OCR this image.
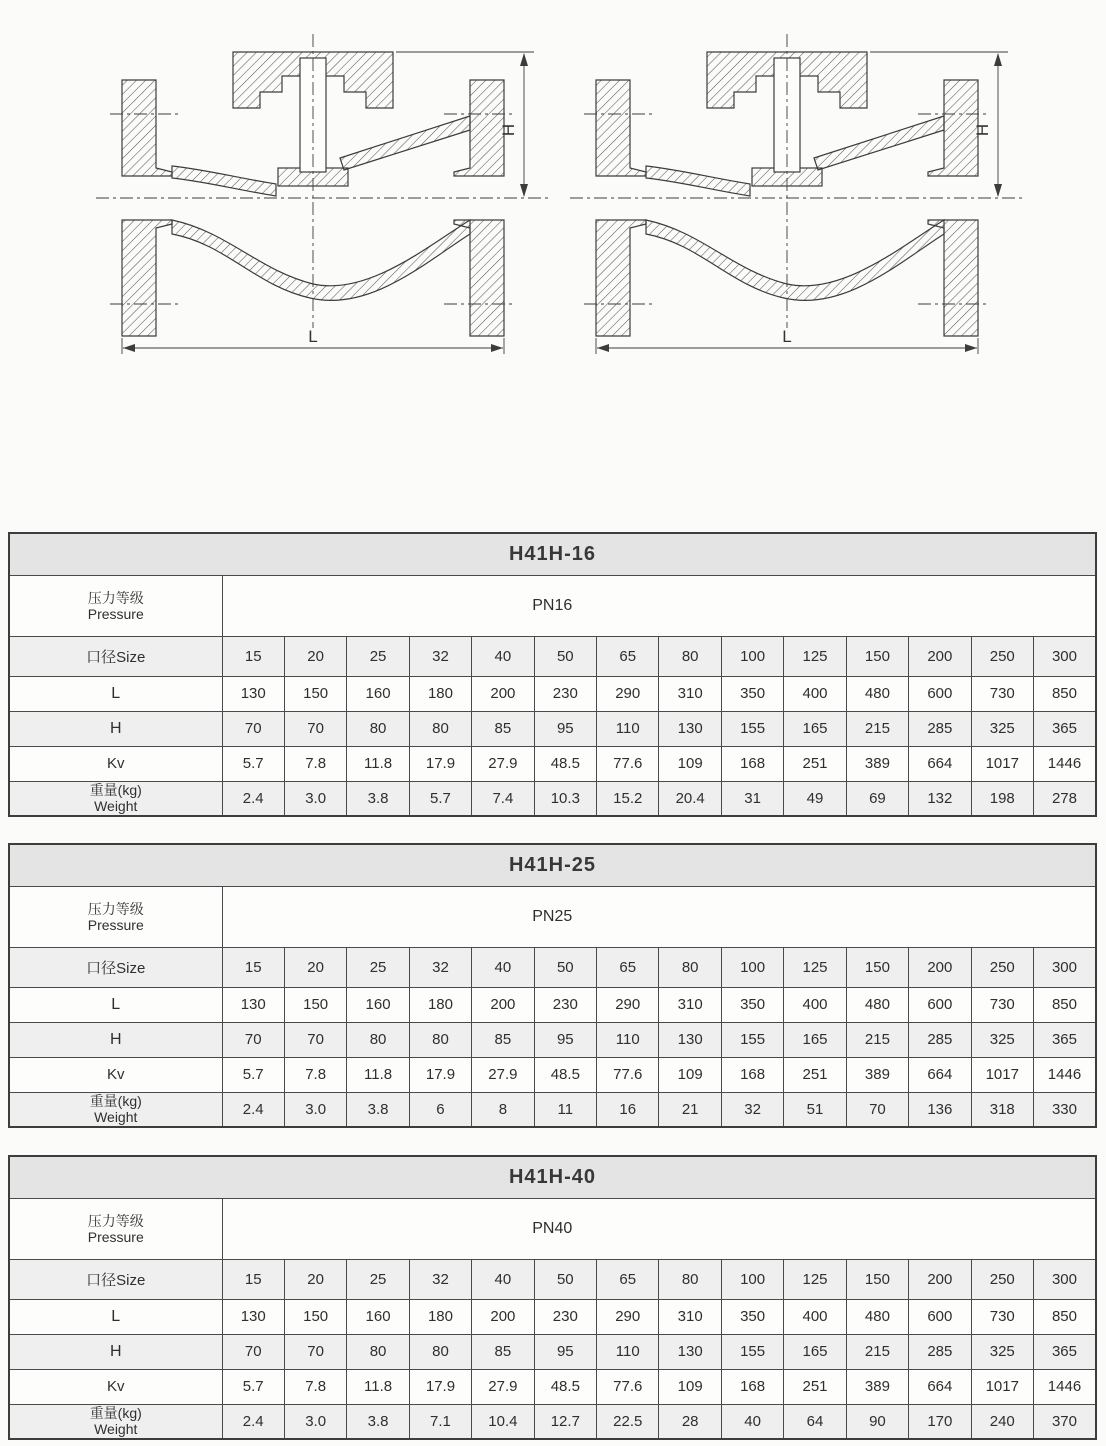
H41H-16														

压力等级
Pressure	PN16													
口径Size	15	20	25	32	40	50	65	80	100	125	150	200	250	300
L	130	150	160	180	200	230	290	310	350	400	480	600	730	850
H	70	70	80	80	85	95	110	130	155	165	215	285	325	365
Kv	5.7	7.8	11.8	17.9	27.9	48.5	77.6	109	168	251	389	664	1017	1446

重量(kg)
Weight	2.4	3.0	3.8	5.7	7.4	10.3	15.2	20.4	31	49	69	132	198	278
H41H-25														

压力等级
Pressure	PN25													
口径Size	15	20	25	32	40	50	65	80	100	125	150	200	250	300
L	130	150	160	180	200	230	290	310	350	400	480	600	730	850
H	70	70	80	80	85	95	110	130	155	165	215	285	325	365
Kv	5.7	7.8	11.8	17.9	27.9	48.5	77.6	109	168	251	389	664	1017	1446

重量(kg)
Weight	2.4	3.0	3.8	6	8	11	16	21	32	51	70	136	318	330
H41H-40														

压力等级
Pressure	PN40													
口径Size	15	20	25	32	40	50	65	80	100	125	150	200	250	300
L	130	150	160	180	200	230	290	310	350	400	480	600	730	850
H	70	70	80	80	85	95	110	130	155	165	215	285	325	365
Kv	5.7	7.8	11.8	17.9	27.9	48.5	77.6	109	168	251	389	664	1017	1446

重量(kg)
Weight	2.4	3.0	3.8	7.1	10.4	12.7	22.5	28	40	64	90	170	240	370
